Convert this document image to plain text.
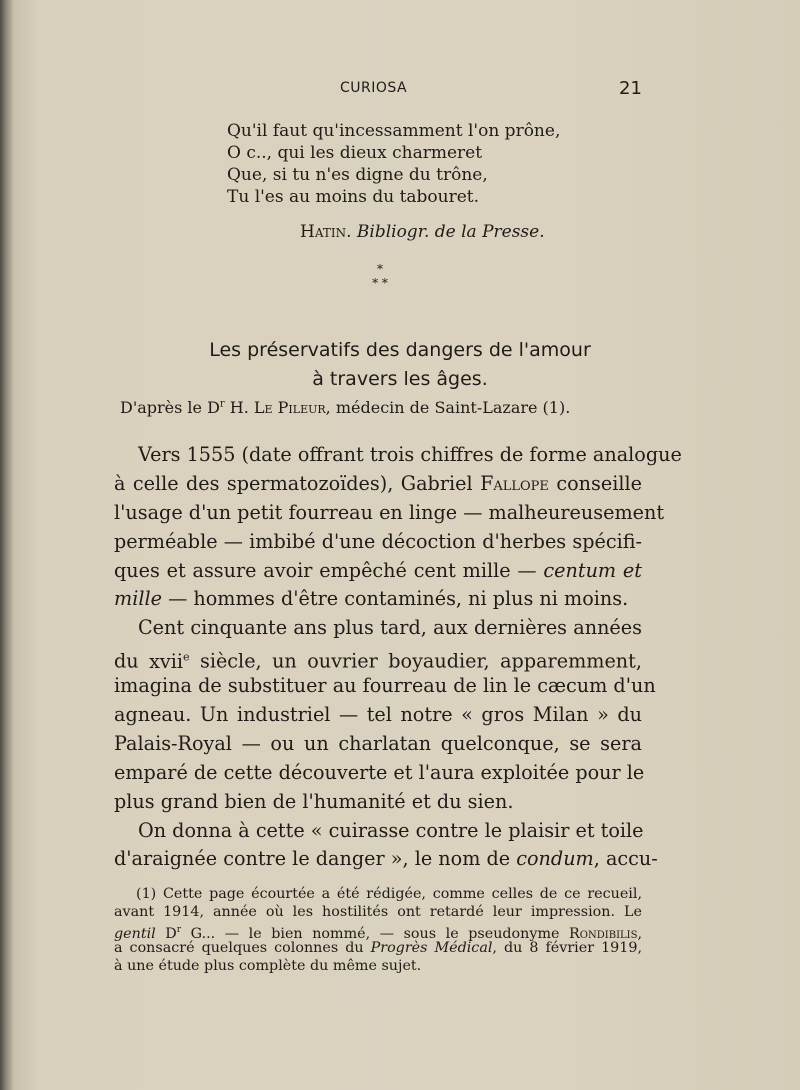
CURIOSA	21
Qu'il faut qu'incessamment l'on prône,
O c.., qui les dieux charmeret
Que, si tu n'es digne du trône,
Tu l'es au moins du tabouret.
Hatin. Bibliogr. de la Presse.
*
* *
Les préservatifs des dangers de l'amour
à travers les âges.
D'après le $D^r$ H. Le Pileur, médecin de Saint-Lazare (1).
Vers 1555 (date offrant trois chiffres de forme analogue
à celle des spermatozoïdes), Gabriel Fallope conseille
l'usage d'un petit fourreau en linge — malheureusement
perméable — imbibé d'une décoction d'herbes spécifi-
ques et assure avoir empêché cent mille — centum et
mille — hommes d'être contaminés, ni plus ni moins.
Cent cinquante ans plus tard, aux dernières années
du xvii$^e$ siècle, un ouvrier boyaudier, apparemment,
imagina de substituer au fourreau de lin le cæcum d'un
agneau. Un industriel — tel notre « gros Milan » du
Palais-Royal — ou un charlatan quelconque, se sera
emparé de cette découverte et l'aura exploitée pour le
plus grand bien de l'humanité et du sien.
On donna à cette « cuirasse contre le plaisir et toile
d'araignée contre le danger », le nom de condum, accu-
(1) Cette page écourtée a été rédigée, comme celles de ce recueil,
avant 1914, année où les hostilités ont retardé leur impression. Le
gentil $D^r$ G... — le bien nommé, — sous le pseudonyme Rondibilis,
a consacré quelques colonnes du Progrès Médical, du 8 février 1919,
à une étude plus complète du même sujet.
